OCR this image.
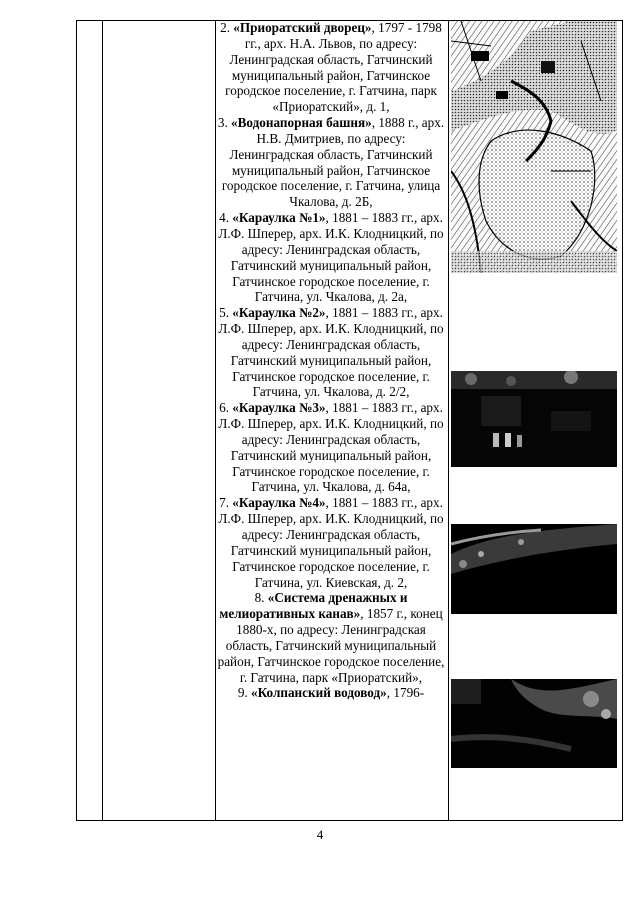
2. «Приоратский дворец», 1797 - 1798 гг., арх. Н.А. Львов, по адресу: Ленинградская область, Гатчинский муниципальный район, Гатчинское городское поселение, г. Гатчина, парк «Приоратский», д. 1,

3. «Водонапорная башня», 1888 г., арх. Н.В. Дмитриев, по адресу: Ленинградская область, Гатчинский муниципальный район, Гатчинское городское поселение, г. Гатчина, улица Чкалова, д. 2Б,

4. «Караулка №1», 1881 – 1883 гг., арх. Л.Ф. Шперер, арх. И.К. Клодницкий, по адресу: Ленинградская область, Гатчинский муниципальный район, Гатчинское городское поселение, г. Гатчина, ул. Чкалова, д. 2а,

5. «Караулка №2», 1881 – 1883 гг., арх. Л.Ф. Шперер, арх. И.К. Клодницкий, по адресу: Ленинградская область, Гатчинский муниципальный район, Гатчинское городское поселение, г. Гатчина, ул. Чкалова, д. 2/2,

6. «Караулка №3», 1881 – 1883 гг., арх. Л.Ф. Шперер, арх. И.К. Клодницкий, по адресу: Ленинградская область, Гатчинский муниципальный район, Гатчинское городское поселение, г. Гатчина, ул. Чкалова, д. 64а,

7. «Караулка №4», 1881 – 1883 гг., арх. Л.Ф. Шперер, арх. И.К. Клодницкий, по адресу: Ленинградская область, Гатчинский муниципальный район, Гатчинское городское поселение, г. Гатчина, ул. Киевская, д. 2,

8. «Система дренажных и мелиоративных канав», 1857 г., конец 1880-х, по адресу: Ленинградская область, Гатчинский муниципальный район, Гатчинское городское поселение, г. Гатчина, парк «Приоратский»,

9. «Колпанский водовод», 1796-

4
